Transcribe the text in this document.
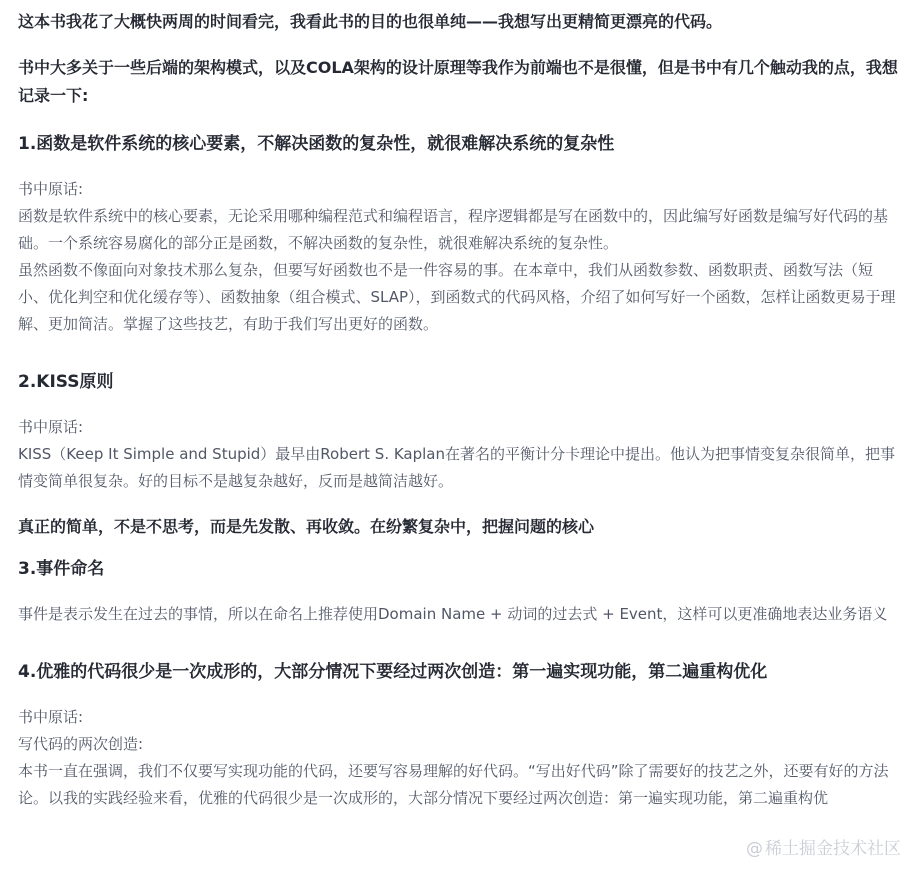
这本书我花了大概快两周的时间看完，我看此书的目的也很单纯——我想写出更精简更漂亮的代码。

书中大多关于一些后端的架构模式，以及COLA架构的设计原理等我作为前端也不是很懂，但是书中有几个触动我的点，我想记录一下:

1.函数是软件系统的核心要素，不解决函数的复杂性，就很难解决系统的复杂性

书中原话:

函数是软件系统中的核心要素，无论采用哪种编程范式和编程语言，程序逻辑都是写在函数中的，因此编写好函数是编写好代码的基础。一个系统容易腐化的部分正是函数，不解决函数的复杂性，就很难解决系统的复杂性。

虽然函数不像面向对象技术那么复杂，但要写好函数也不是一件容易的事。在本章中，我们从函数参数、函数职责、函数写法（短小、优化判空和优化缓存等）、函数抽象（组合模式、SLAP），到函数式的代码风格，介绍了如何写好一个函数，怎样让函数更易于理解、更加简洁。掌握了这些技艺，有助于我们写出更好的函数。

2.KISS原则

书中原话:

KISS（Keep It Simple and Stupid）最早由Robert S. Kaplan在著名的平衡计分卡理论中提出。他认为把事情变复杂很简单，把事情变简单很复杂。好的目标不是越复杂越好，反而是越简洁越好。

真正的简单，不是不思考，而是先发散、再收敛。在纷繁复杂中，把握问题的核心

3.事件命名

事件是表示发生在过去的事情，所以在命名上推荐使用Domain Name + 动词的过去式 + Event，这样可以更准确地表达业务语义

4.优雅的代码很少是一次成形的，大部分情况下要经过两次创造：第一遍实现功能，第二遍重构优化

书中原话:

写代码的两次创造:

本书一直在强调，我们不仅要写实现功能的代码，还要写容易理解的好代码。“写出好代码”除了需要好的技艺之外，还要有好的方法论。以我的实践经验来看，优雅的代码很少是一次成形的，大部分情况下要经过两次创造：第一遍实现功能，第二遍重构优

@ 稀土掘金技术社区
